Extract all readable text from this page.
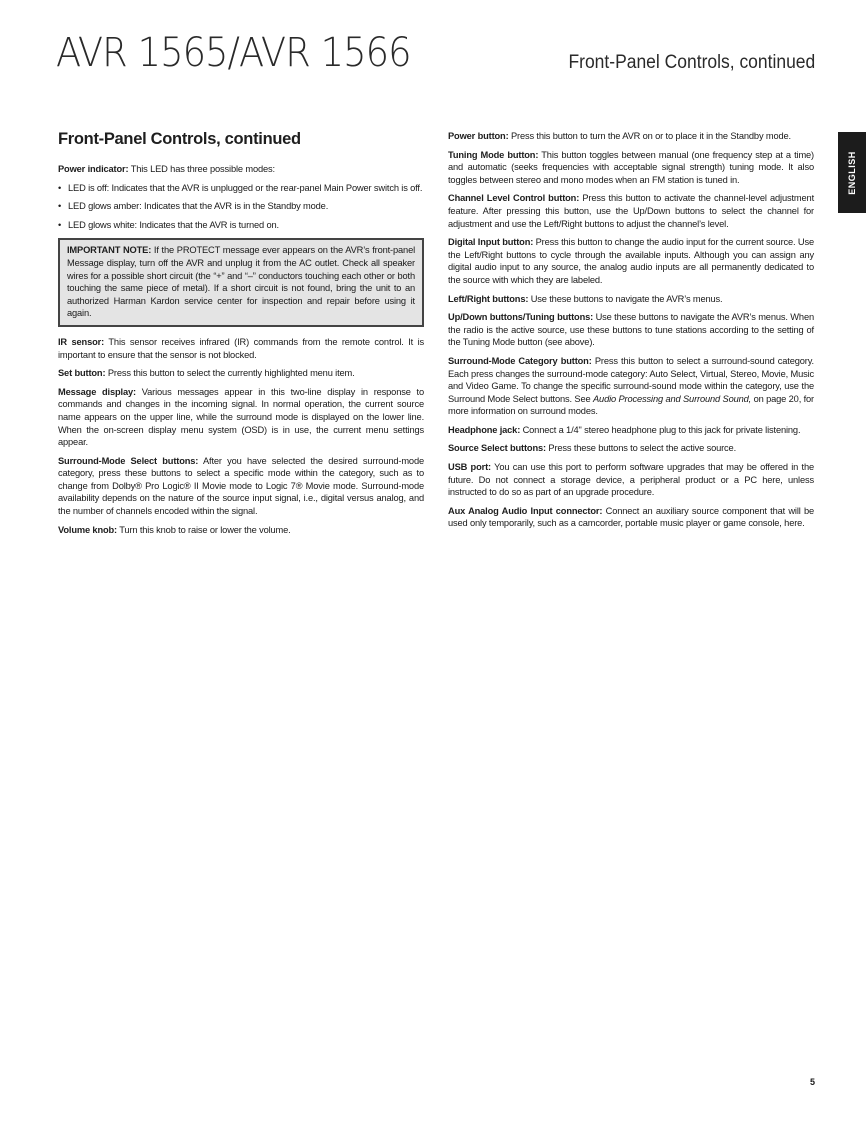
AVR 1565/AVR 1566	Front-Panel Controls, continued
ENGLISH
Front-Panel Controls, continued

Power indicator: This LED has three possible modes:

• LED is off: Indicates that the AVR is unplugged or the rear-panel Main Power switch is off.
• LED glows amber: Indicates that the AVR is in the Standby mode.
• LED glows white: Indicates that the AVR is turned on.

IMPORTANT NOTE: If the PROTECT message ever appears on the AVR’s front-panel Message display, turn off the AVR and unplug it from the AC outlet. Check all speaker wires for a possible short circuit (the “+” and “–” conductors touching each other or both touching the same piece of metal). If a short circuit is not found, bring the unit to an authorized Harman Kardon service center for inspection and repair before using it again.

IR sensor: This sensor receives infrared (IR) commands from the remote control. It is important to ensure that the sensor is not blocked.

Set button: Press this button to select the currently highlighted menu item.

Message display: Various messages appear in this two-line display in response to commands and changes in the incoming signal. In normal operation, the current source name appears on the upper line, while the surround mode is displayed on the lower line. When the on-screen display menu system (OSD) is in use, the current menu settings appear.

Surround-Mode Select buttons: After you have selected the desired surround-mode category, press these buttons to select a specific mode within the category, such as to change from Dolby® Pro Logic® II Movie mode to Logic 7® Movie mode. Surround-mode availability depends on the nature of the source input signal, i.e., digital versus analog, and the number of channels encoded within the signal.

Volume knob: Turn this knob to raise or lower the volume.

Power button: Press this button to turn the AVR on or to place it in the Standby mode.

Tuning Mode button: This button toggles between manual (one frequency step at a time) and automatic (seeks frequencies with acceptable signal strength) tuning mode. It also toggles between stereo and mono modes when an FM station is tuned in.

Channel Level Control button: Press this button to activate the channel-level adjustment feature. After pressing this button, use the Up/Down buttons to select the channel for adjustment and use the Left/Right buttons to adjust the channel’s level.

Digital Input button: Press this button to change the audio input for the current source. Use the Left/Right buttons to cycle through the available inputs. Although you can assign any digital audio input to any source, the analog audio inputs are all permanently dedicated to the source with which they are labeled.

Left/Right buttons: Use these buttons to navigate the AVR’s menus.

Up/Down buttons/Tuning buttons: Use these buttons to navigate the AVR’s menus. When the radio is the active source, use these buttons to tune stations according to the setting of the Tuning Mode button (see above).

Surround-Mode Category button: Press this button to select a surround-sound category. Each press changes the surround-mode category: Auto Select, Virtual, Stereo, Movie, Music and Video Game. To change the specific surround-sound mode within the category, use the Surround Mode Select buttons. See Audio Processing and Surround Sound, on page 20, for more information on surround modes.

Headphone jack: Connect a 1/4" stereo headphone plug to this jack for private listening.

Source Select buttons: Press these buttons to select the active source.

USB port: You can use this port to perform software upgrades that may be offered in the future. Do not connect a storage device, a peripheral product or a PC here, unless instructed to do so as part of an upgrade procedure.

Aux Analog Audio Input connector: Connect an auxiliary source component that will be used only temporarily, such as a camcorder, portable music player or game console, here.

5
